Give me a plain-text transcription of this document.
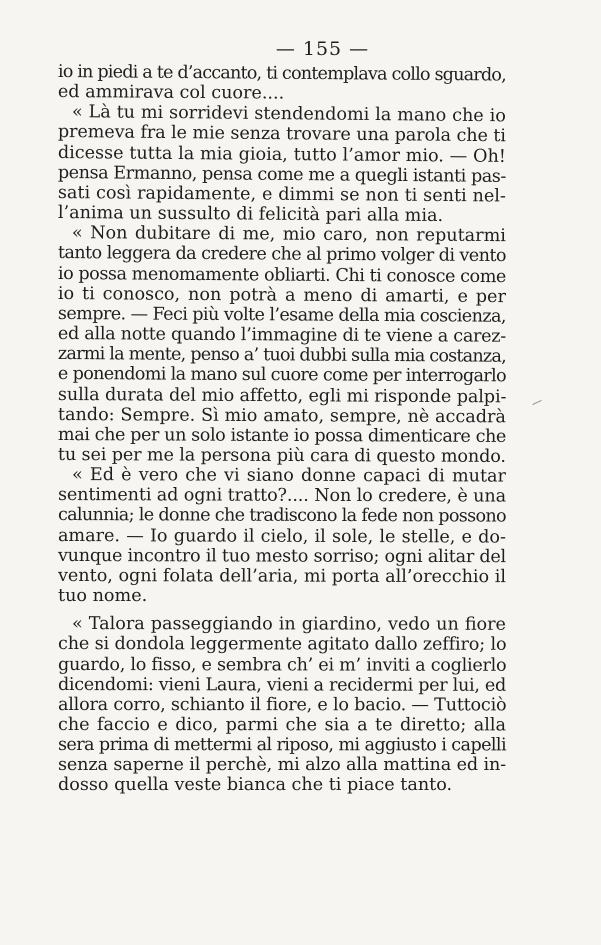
— 155 —
io in piedi a te d’accanto, ti contemplava collo sguardo,
ed ammirava col cuore....
« Là tu mi sorridevi stendendomi la mano che io
premeva fra le mie senza trovare una parola che ti
dicesse tutta la mia gioia, tutto l’amor mio. — Oh!
pensa Ermanno, pensa come me a quegli istanti pas-
sati così rapidamente, e dimmi se non ti senti nel-
l’anima un sussulto di felicità pari alla mia.
« Non dubitare di me, mio caro, non reputarmi
tanto leggera da credere che al primo volger di vento
io possa menomamente obliarti. Chi ti conosce come
io ti conosco, non potrà a meno di amarti, e per
sempre. — Feci più volte l’esame della mia coscienza,
ed alla notte quando l’immagine di te viene a carez-
zarmi la mente, penso a’ tuoi dubbi sulla mia costanza,
e ponendomi la mano sul cuore come per interrogarlo
sulla durata del mio affetto, egli mi risponde palpi-
tando: Sempre. Sì mio amato, sempre, nè accadrà
mai che per un solo istante io possa dimenticare che
tu sei per me la persona più cara di questo mondo.
« Ed è vero che vi siano donne capaci di mutar
sentimenti ad ogni tratto?.... Non lo credere, è una
calunnia; le donne che tradiscono la fede non possono
amare. — Io guardo il cielo, il sole, le stelle, e do-
vunque incontro il tuo mesto sorriso; ogni alitar del
vento, ogni folata dell’aria, mi porta all’orecchio il
tuo nome.
« Talora passeggiando in giardino, vedo un fiore
che si dondola leggermente agitato dallo zeffiro; lo
guardo, lo fisso, e sembra ch’ ei m’ inviti a coglierlo
dicendomi: vieni Laura, vieni a recidermi per lui, ed
allora corro, schianto il fiore, e lo bacio. — Tuttociò
che faccio e dico, parmi che sia a te diretto; alla
sera prima di mettermi al riposo, mi aggiusto i capelli
senza saperne il perchè, mi alzo alla mattina ed in-
dosso quella veste bianca che ti piace tanto.
